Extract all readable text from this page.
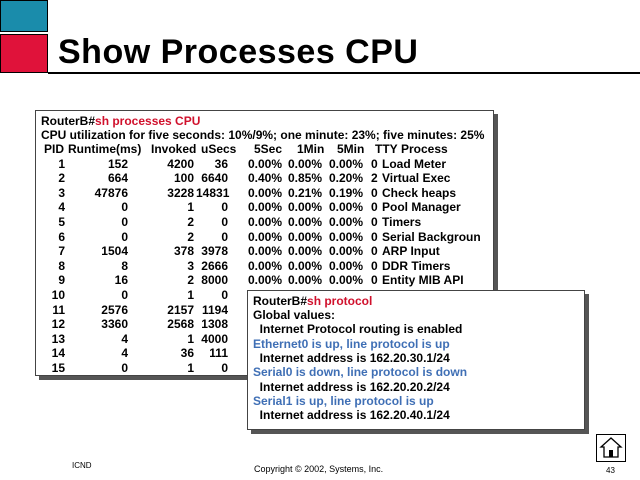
Show Processes CPU
RouterB#sh processes CPU
CPU utilization for five seconds: 10%/9%; one minute: 23%; five minutes: 25%
PID Runtime(ms) Invoked uSecs 5Sec 1Min 5Min TTY Process
1	152	4200	36	0.00% 0.00% 0.00% 0 Load Meter
2	664	100 6640	0.40% 0.85% 0.20% 2 Virtual Exec
3	47876	3228 14831	0.00% 0.21% 0.19% 0 Check heaps
4	0	1	0	0.00% 0.00% 0.00% 0 Pool Manager
5	0	2	0	0.00% 0.00% 0.00% 0 Timers
6	0	2	0	0.00% 0.00% 0.00% 0 Serial Backgroun
7	1504	378 3978	0.00% 0.00% 0.00% 0 ARP Input
8	8	3 2666	0.00% 0.00% 0.00% 0 DDR Timers
9	16	2 8000	0.00% 0.00% 0.00% 0 Entity MIB API
10	0	1	0
11	2576	2157 1194
12	3360	2568 1308
13	4	1 4000
14	4	36	111
15	0	1	0
RouterB#sh protocol
Global values:
Internet Protocol routing is enabled
Ethernet0 is up, line protocol is up
Internet address is 162.20.30.1/24
Serial0 is down, line protocol is down
Internet address is 162.20.20.2/24
Serial1 is up, line protocol is up
Internet address is 162.20.40.1/24
ICND	Copyright © 2002, Systems, Inc.	43
